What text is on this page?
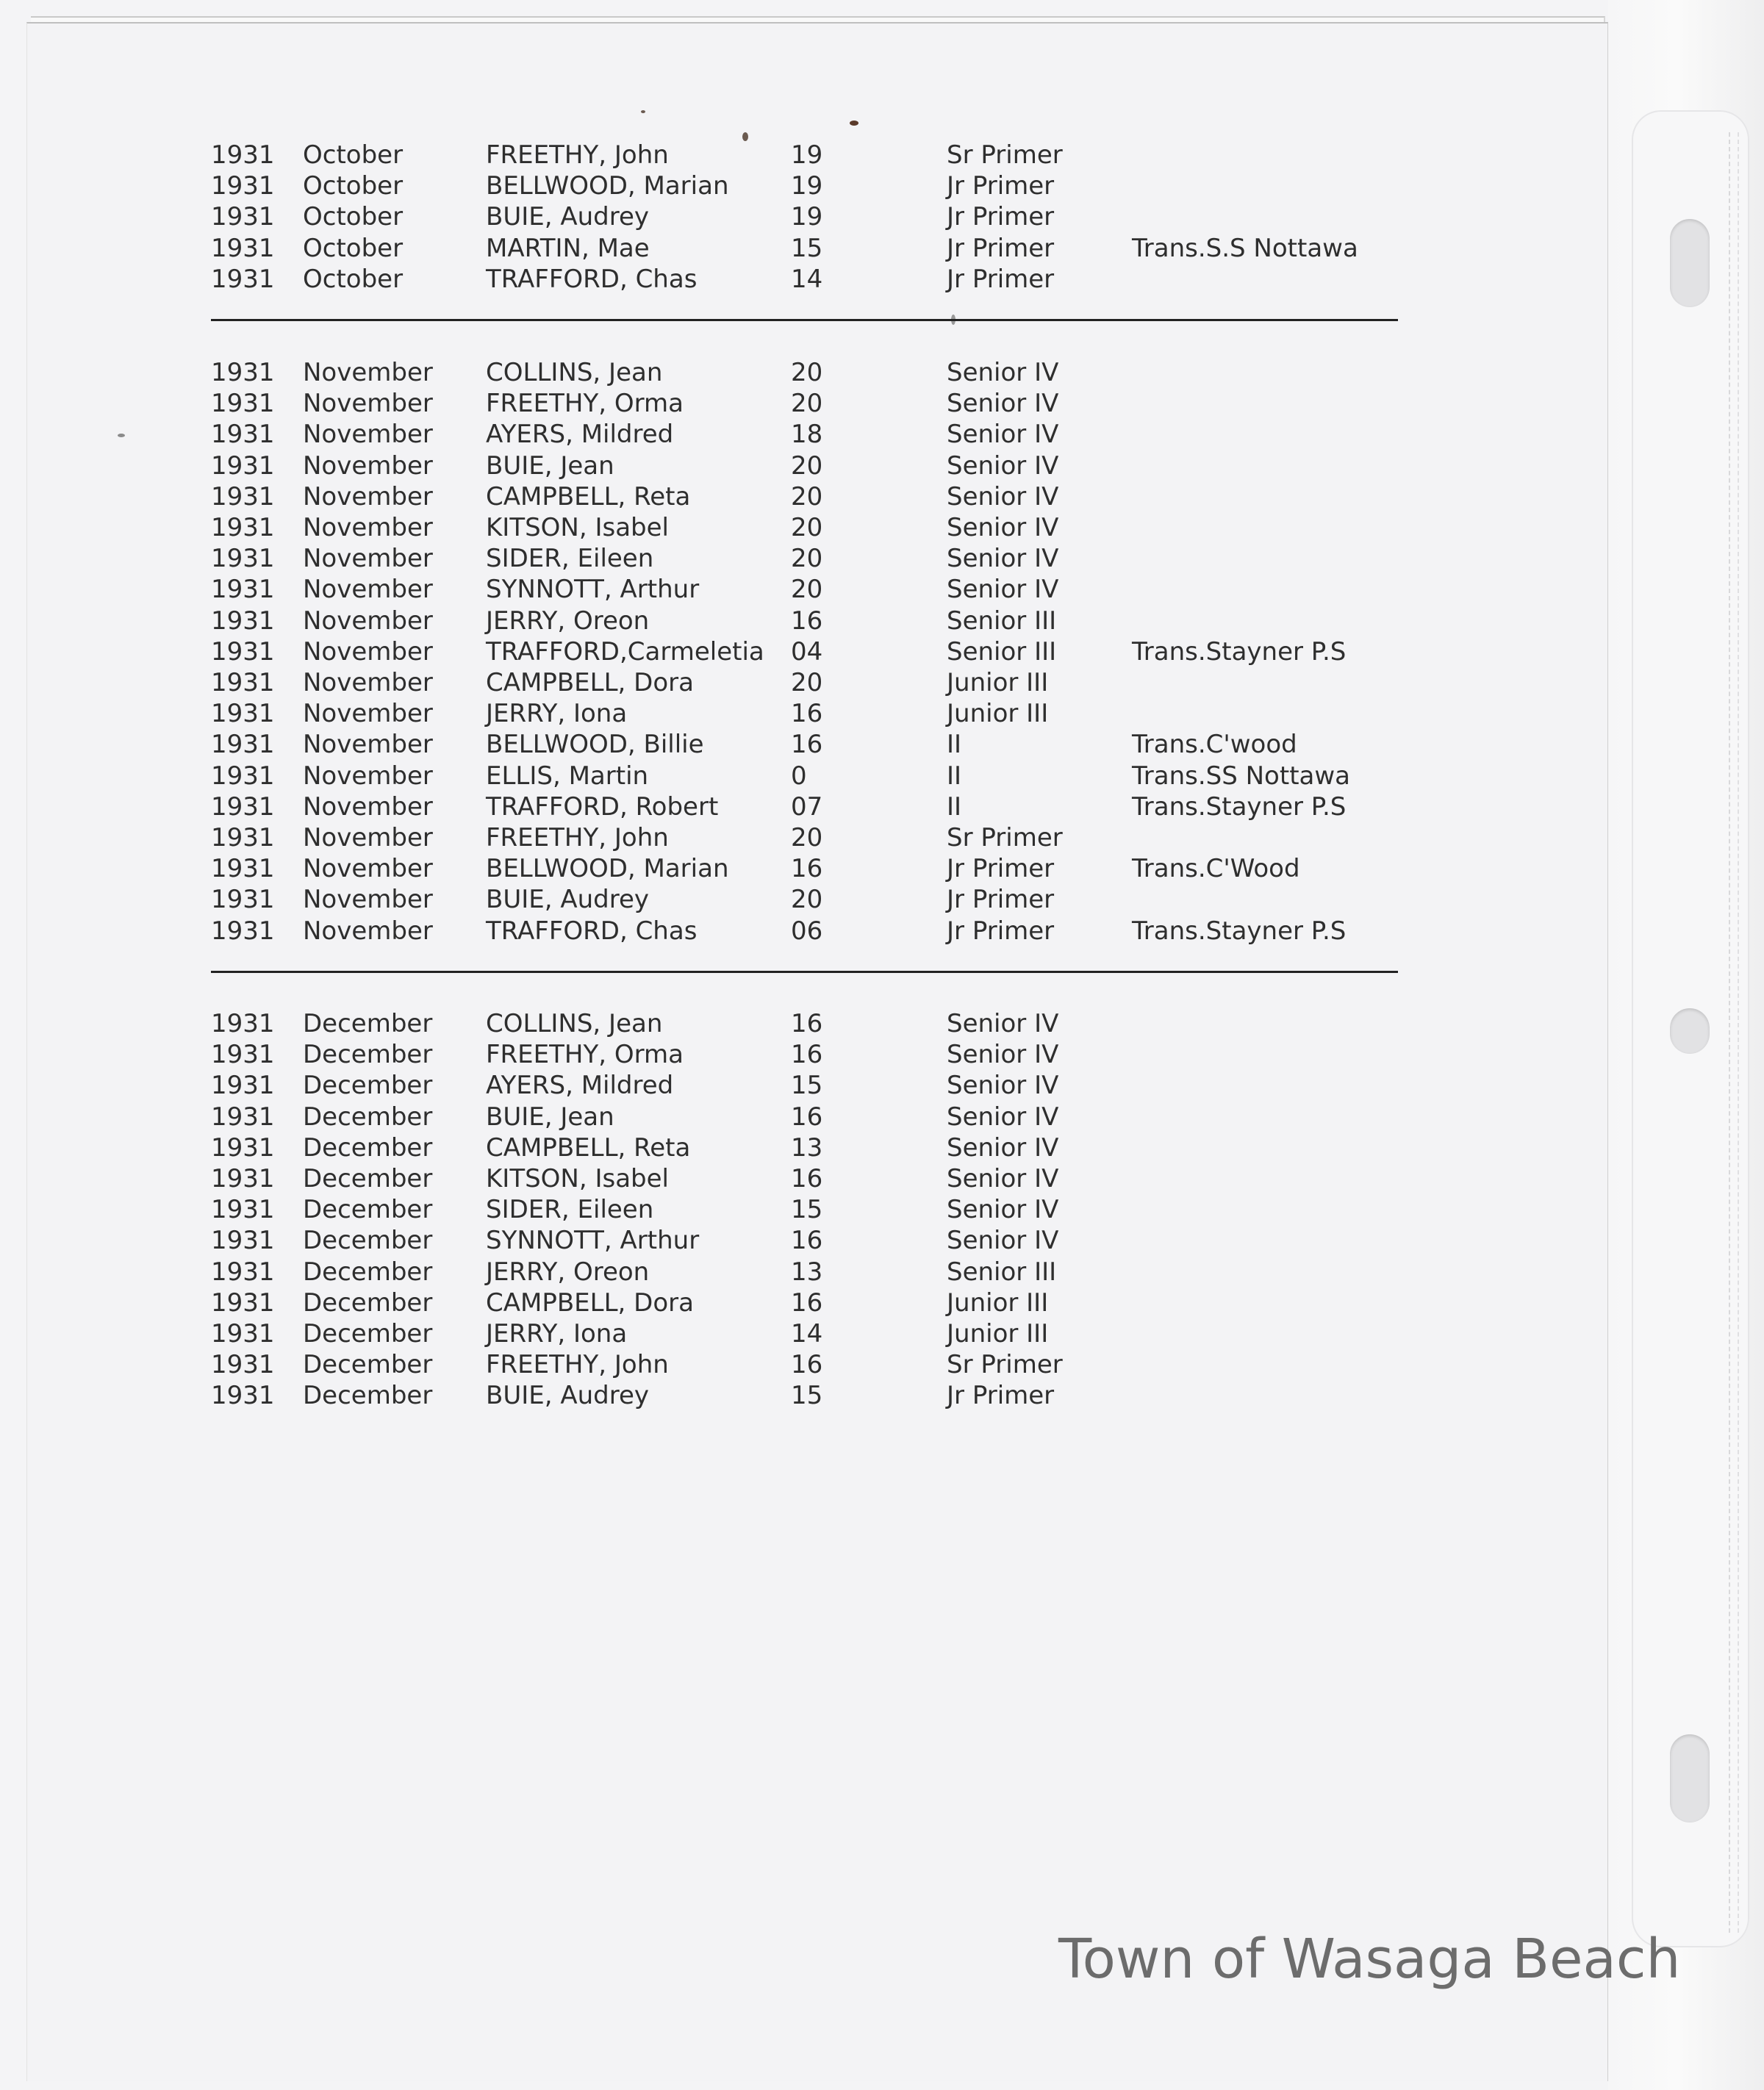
1931 October	FREETHY, John	19	Sr Primer
1931 October	BELLWOOD, Marian 19	Jr Primer
1931 October	BUIE, Audrey	19	Jr Primer
1931 October	MARTIN, Mae	15	Jr Primer	Trans.S.S Nottawa
1931 October	TRAFFORD, Chas	14	Jr Primer
1931 November COLLINS, Jean	20	Senior IV
1931 November FREETHY, Orma	20	Senior IV
1931 November AYERS, Mildred	18	Senior IV
1931 November BUIE, Jean	20	Senior IV
1931 November CAMPBELL, Reta	20	Senior IV
1931 November KITSON, Isabel	20	Senior IV
1931 November SIDER, Eileen	20	Senior IV
1931 November SYNNOTT, Arthur	20	Senior IV
1931 November JERRY, Oreon	16	Senior III
1931 November TRAFFORD,Carmeletia 04	Senior III	Trans.Stayner P.S
1931 November CAMPBELL, Dora	20	Junior III
1931 November JERRY, Iona	16	Junior III
1931 November BELLWOOD, Billie	16	II	Trans.C'wood
1931 November ELLIS, Martin	0	II	Trans.SS Nottawa
1931 November TRAFFORD, Robert	07	II	Trans.Stayner P.S
1931 November FREETHY, John	20	Sr Primer
1931 November BELLWOOD, Marian 16	Jr Primer	Trans.C'Wood
1931 November BUIE, Audrey	20	Jr Primer
1931 November TRAFFORD, Chas	06	Jr Primer	Trans.Stayner P.S
1931 December COLLINS, Jean	16	Senior IV
1931 December FREETHY, Orma	16	Senior IV
1931 December AYERS, Mildred	15	Senior IV
1931 December BUIE, Jean	16	Senior IV
1931 December CAMPBELL, Reta	13	Senior IV
1931 December KITSON, Isabel	16	Senior IV
1931 December SIDER, Eileen	15	Senior IV
1931 December SYNNOTT, Arthur	16	Senior IV
1931 December JERRY, Oreon	13	Senior III
1931 December CAMPBELL, Dora	16	Junior III
1931 December JERRY, Iona	14	Junior III
1931 December FREETHY, John	16	Sr Primer
1931 December BUIE, Audrey	15	Jr Primer
Town of Wasaga Beach
